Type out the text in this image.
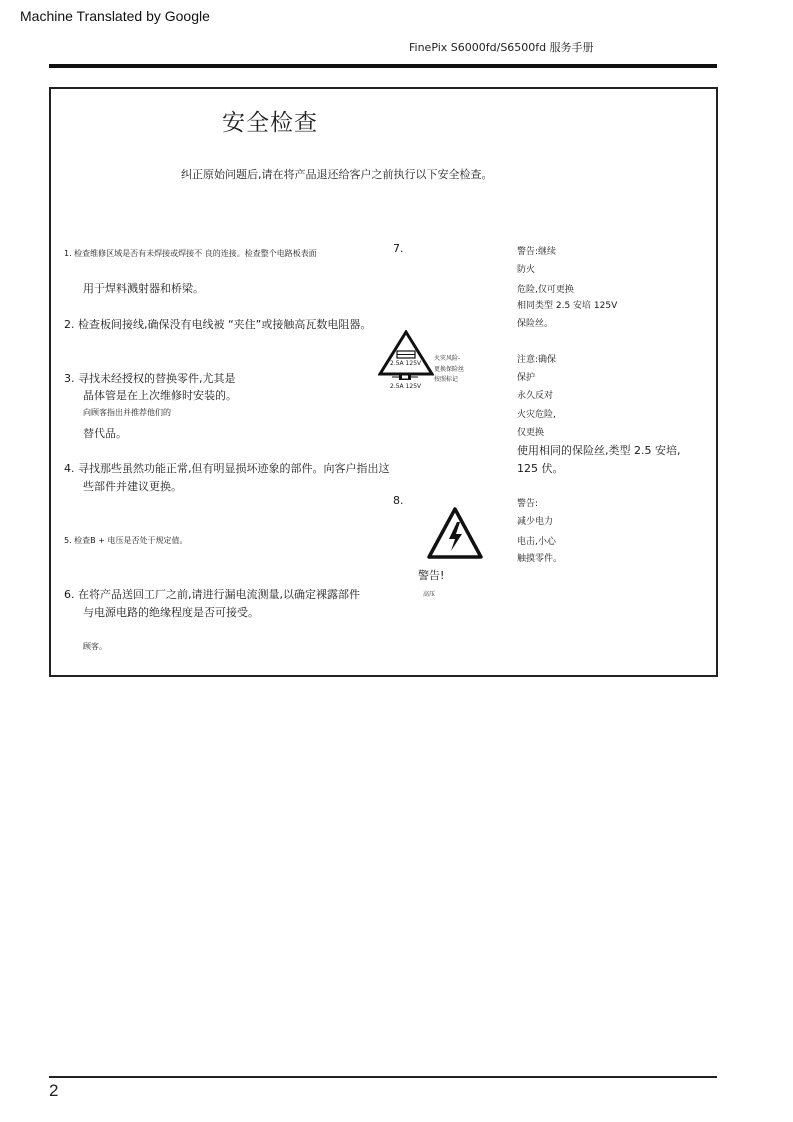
Machine Translated by Google
FinePix S6000fd/S6500fd 服务手册
安全检查
纠正原始问题后,请在将产品退还给客户之前执行以下安全检查。
1. 检查维修区域是否有未焊接或焊接不 良的连接。检查整个电路板表面
用于焊料溅射器和桥梁。
2. 检查板间接线,确保没有电线被 “夹住”或接触高瓦数电阻器。
3. 寻找未经授权的替换零件,尤其是
晶体管是在上次维修时安装的。
向顾客指出并推荐他们的
替代品。
4. 寻找那些虽然功能正常,但有明显损坏迹象的部件。向客户指出这
些部件并建议更换。
5. 检查B + 电压是否处于规定值。
6. 在将产品送回工厂之前,请进行漏电流测量,以确定裸露部件
与电源电路的绝缘程度是否可接受。
顾客。
7.
2.5A 125V
2.5A 125V
火灾风险-
更换保险丝
按照标记
8.
警告!
高压
警告:继续
防火
危险,仅可更换
相同类型 2.5 安培 125V
保险丝。
注意:确保
保护
永久反对
火灾危险,
仅更换
使用相同的保险丝,类型 2.5 安培,
125 伏。
警告:
减少电力
电击,小心
触摸零件。
2
